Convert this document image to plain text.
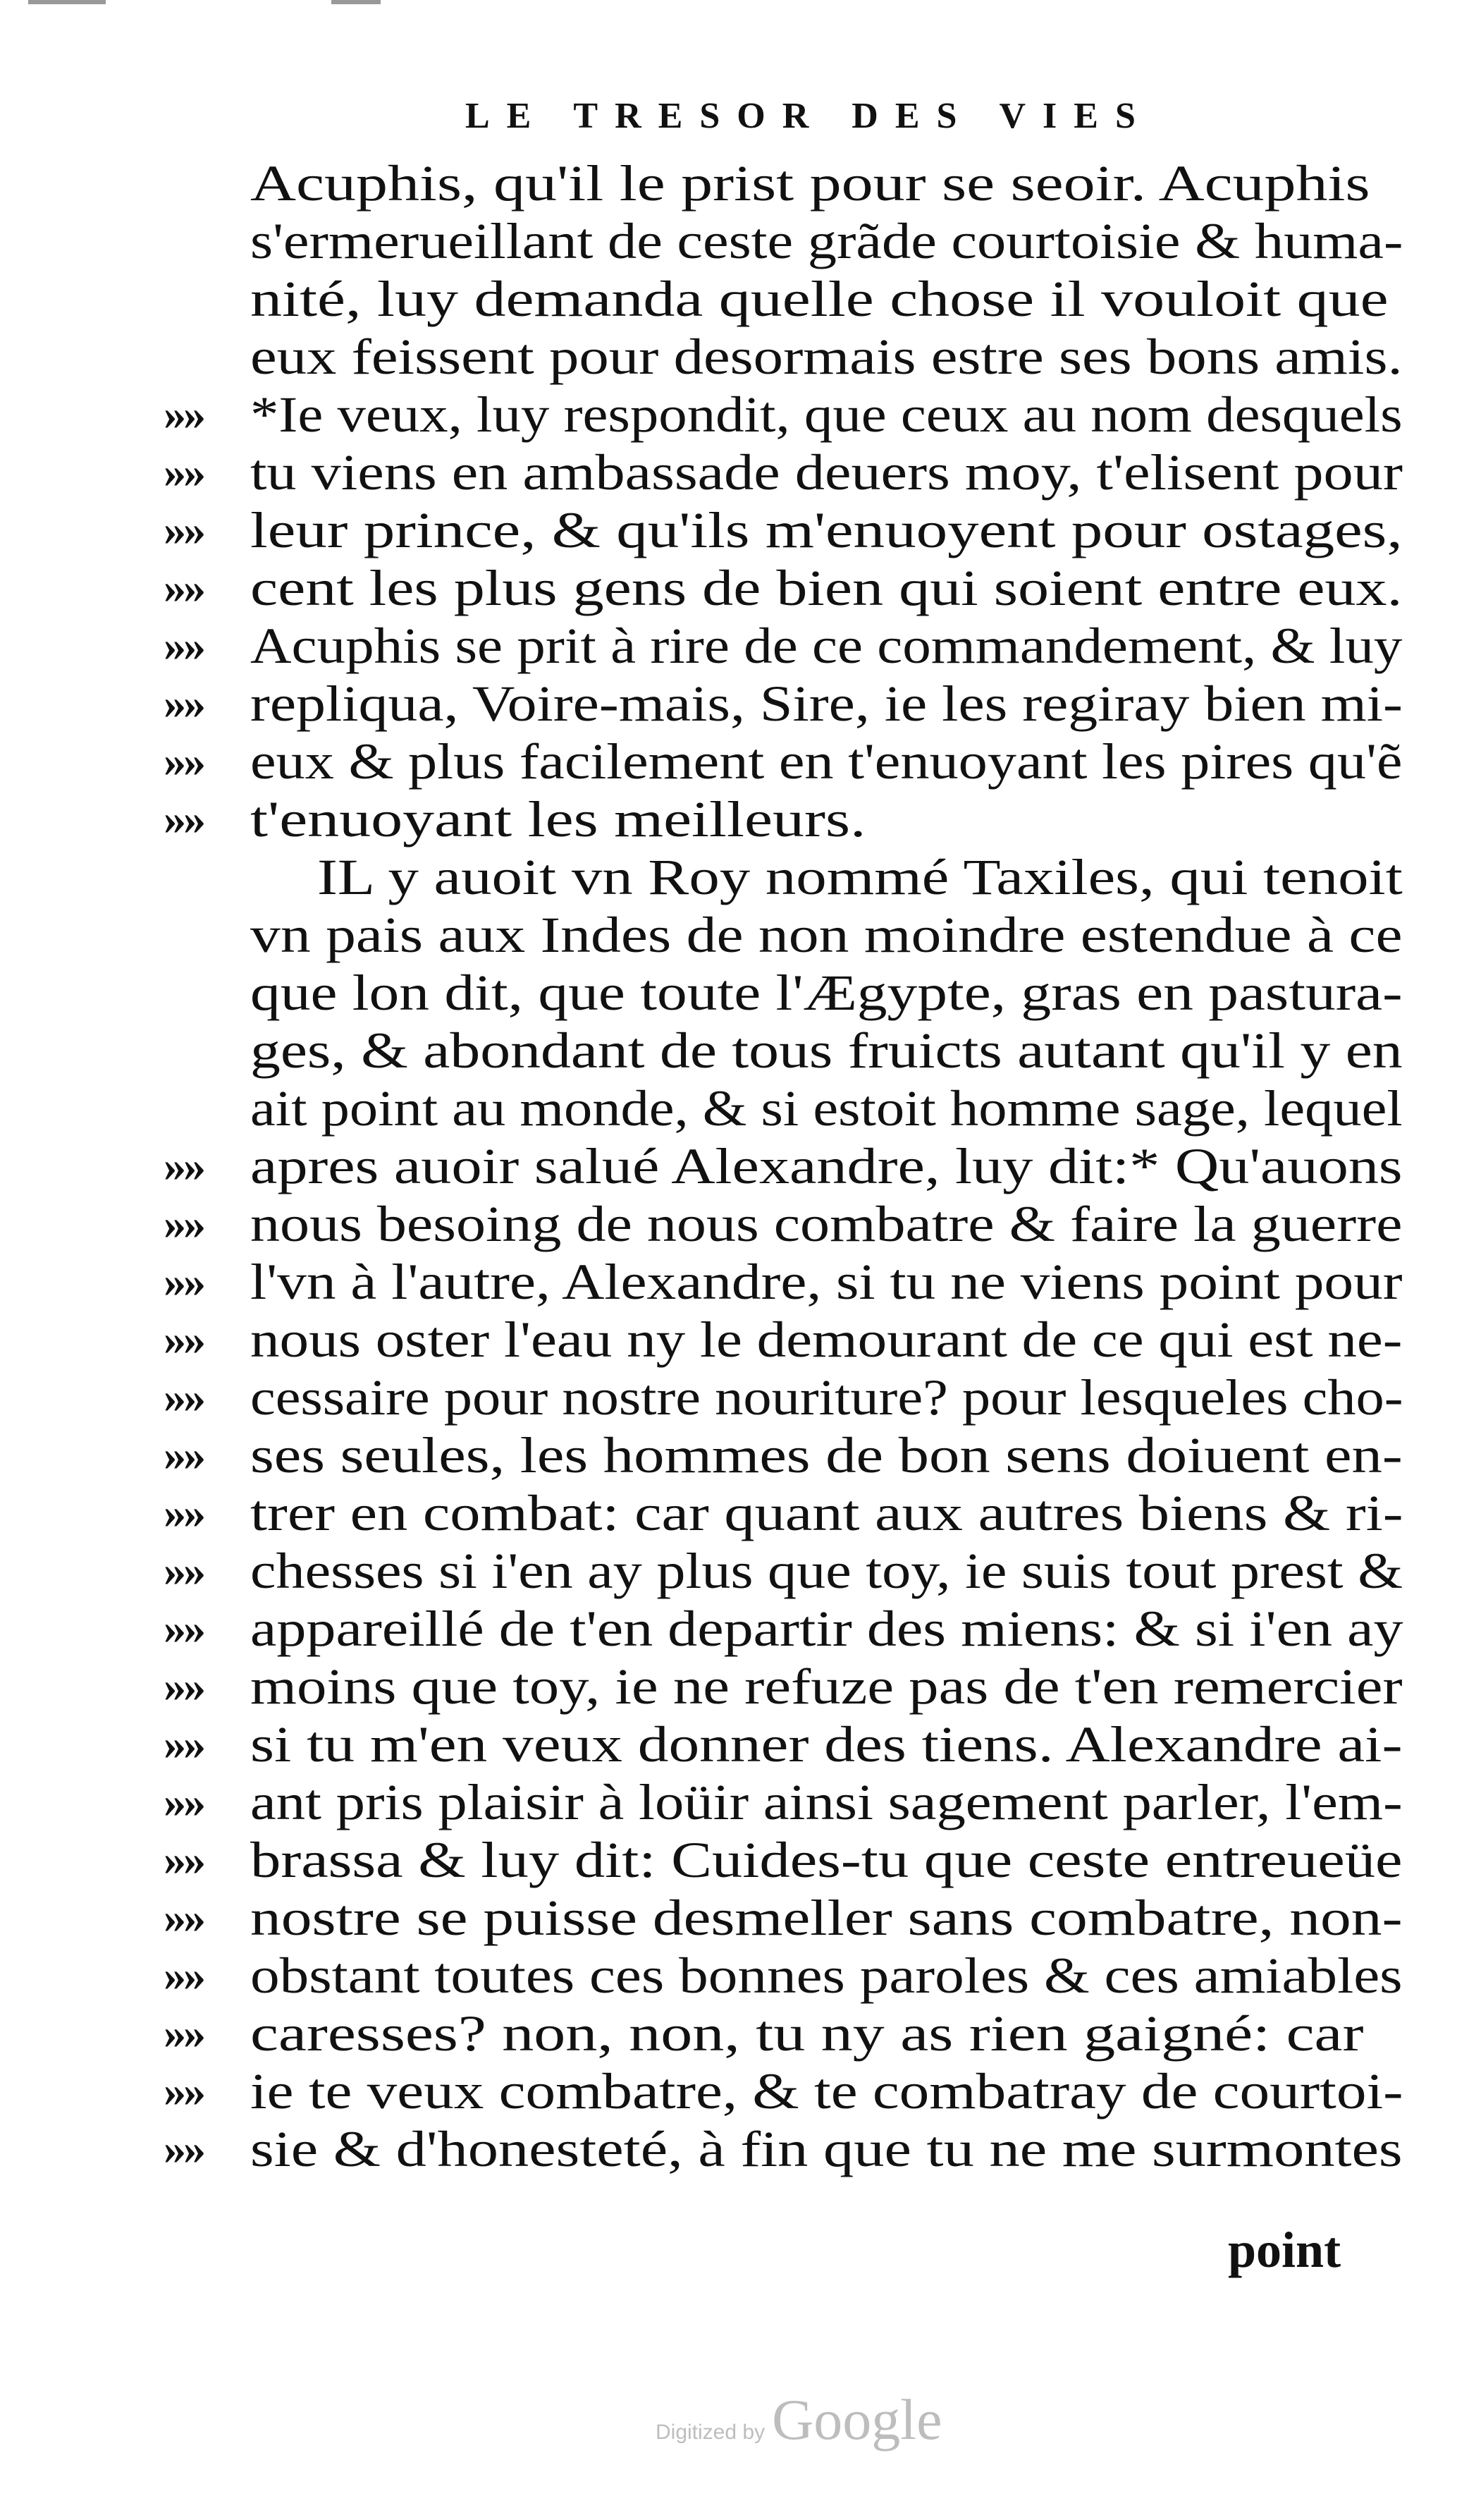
LE TRESOR DES VIES
Acuphis, qu'il le prist pour se seoir. Acuphis
s'ermerueillant de ceste grãde courtoisie & huma-
nité, luy demanda quelle chose il vouloit que
eux feissent pour desormais estre ses bons amis.
»» *Ie veux, luy respondit, que ceux au nom desquels
»» tu viens en ambassade deuers moy, t'elisent pour
»» leur prince, & qu'ils m'enuoyent pour ostages,
»» cent les plus gens de bien qui soient entre eux.
»» Acuphis se prit à rire de ce commandement, & luy
»» repliqua, Voire-mais, Sire, ie les regiray bien mi-
»» eux & plus facilement en t'enuoyant les pires qu'ẽ
»» t'enuoyant les meilleurs.
IL y auoit vn Roy nommé Taxiles, qui tenoit
vn pais aux Indes de non moindre estendue à ce
que lon dit, que toute l'Ægypte, gras en pastura-
ges, & abondant de tous fruicts autant qu'il y en
ait point au monde, & si estoit homme sage, lequel
»» apres auoir salué Alexandre, luy dit:* Qu'auons
»» nous besoing de nous combatre & faire la guerre
»» l'vn à l'autre, Alexandre, si tu ne viens point pour
»» nous oster l'eau ny le demourant de ce qui est ne-
»» cessaire pour nostre nouriture? pour lesqueles cho-
»» ses seules, les hommes de bon sens doiuent en-
»» trer en combat: car quant aux autres biens & ri-
»» chesses si i'en ay plus que toy, ie suis tout prest &
»» appareillé de t'en departir des miens: & si i'en ay
»» moins que toy, ie ne refuze pas de t'en remercier
»» si tu m'en veux donner des tiens. Alexandre ai-
»» ant pris plaisir à loüir ainsi sagement parler, l'em-
»» brassa & luy dit: Cuides-tu que ceste entreueüe
»» nostre se puisse desmeller sans combatre, non-
»» obstant toutes ces bonnes paroles & ces amiables
»» caresses? non, non, tu ny as rien gaigné: car
»» ie te veux combatre, & te combatray de courtoi-
»» sie & d'honesteté, à fin que tu ne me surmontes
point
Digitized by Google
